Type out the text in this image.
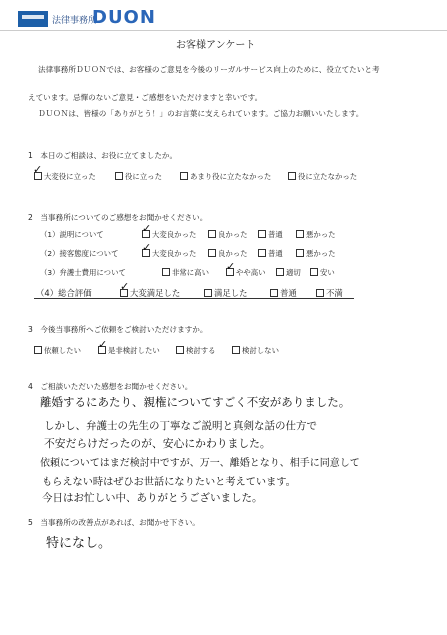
法律事務所
DUON
お客様アンケート
法律事務所ＤＵＯＮでは、お客様のご意見を今後のリーガルサービス向上のために、役立てたいと考
えています。忌憚のないご意見・ご感想をいただけますと幸いです。
ＤＵＯＮは、皆様の「ありがとう！」のお言葉に支えられています。ご協力お願いいたします。
1　本日のご相談は、お役に立てましたか。
大変役に立った	役に立った	あまり役に立たなかった	役に立たなかった
✓
2　当事務所についてのご感想をお聞かせください。
（1）説明について	大変良かった	良かった	普通	悪かった
✓
（2）接客態度について	大変良かった	良かった	普通	悪かった
✓
（3）弁護士費用について	非常に高い	やや高い	適切	安い
✓
（4）総合評価	大変満足した	満足した	普通	不満
✓
3　今後当事務所へご依頼をご検討いただけますか。
依頼したい	是非検討したい	検討する	検討しない
✓
4　ご相談いただいた感想をお聞かせください。
離婚するにあたり、親権についてすごく不安がありました。
しかし、弁護士の先生の丁寧なご説明と真剣な話の仕方で
不安だらけだったのが、安心にかわりました。
依頼についてはまだ検討中ですが、万一、離婚となり、相手に同意して
もらえない時はぜひお世話になりたいと考えています。
今日はお忙しい中、ありがとうございました。
5　当事務所の改善点があれば、お聞かせ下さい。
特になし。
